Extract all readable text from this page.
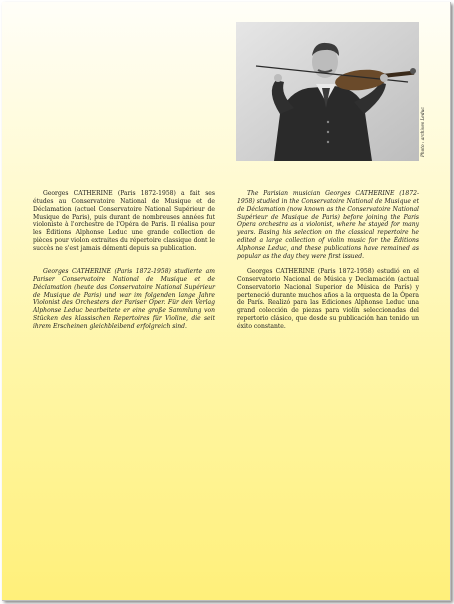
Photo : archives Leduc

Georges CATHERINE (Paris 1872-1958) a fait ses études au Conservatoire National de Musique et de Déclamation (actuel Conservatoire National Supérieur de Musique de Paris), puis durant de nombreuses années fut violoniste à l'orchestre de l'Opéra de Paris. Il réalisa pour les Éditions Alphonse Leduc une grande collection de pièces pour violon extraites du répertoire classique dont le succès ne s'est jamais démenti depuis sa publication.

Georges CATHERINE (Paris 1872-1958) studierte am Pariser Conservatoire National de Musique et de Déclamation (heute das Conservatoire National Supérieur de Musique de Paris) und war im folgenden lange Jahre Violonist des Orchesters der Pariser Oper. Für den Verlag Alphonse Leduc bearbeitete er eine große Sammlung von Stücken des klassischen Repertoires für Violine, die seit ihrem Erscheinen gleichbleibend erfolgreich sind.

The Parisian musician Georges CATHERINE (1872-1958) studied in the Conservatoire National de Musique et de Déclamation (now known as the Conservatoire National Supérieur de Musique de Paris) before joining the Paris Opera orchestra as a violonist, where he stayed for many years. Basing his selection on the classical repertoire he edited a large collection of violin music for the Éditions Alphonse Leduc, and these publications have remained as popular as the day they were first issued.

Georges CATHERINE (Paris 1872-1958) estudió en el Conservatorio Nacional de Música y Declamación (actual Conservatorio Nacional Superior de Música de París) y perteneció durante muchos años a la orquesta de la Ópera de París. Realizó para las Ediciones Alphonse Leduc una grand colección de piezas para violín seleccionadas del repertorio clásico, que desde su publicación han tenido un éxito constante.
